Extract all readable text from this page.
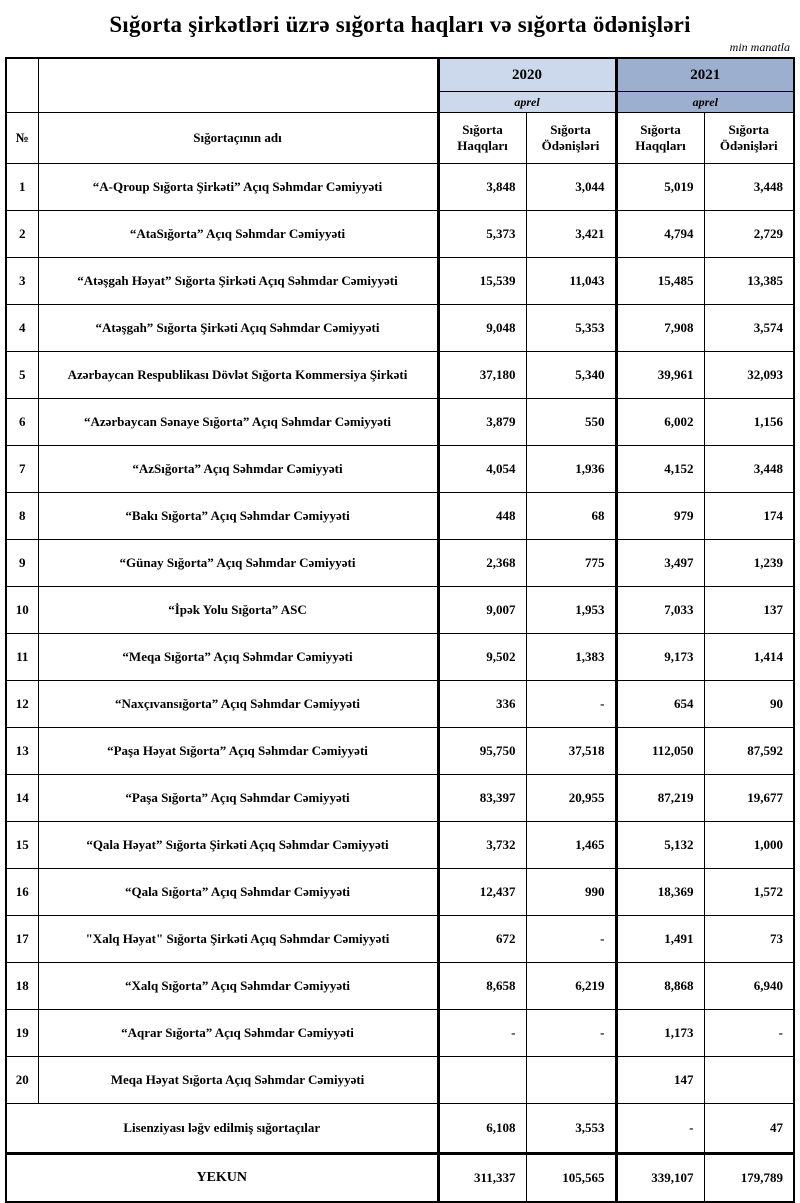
Sığorta şirkətləri üzrə sığorta haqları və sığorta ödənişləri
min manatla
		2020		2021	
		aprel		aprel	
№	Sığortaçının adı	Sığorta Haqqları	Sığorta Ödənişləri	Sığorta Haqqları	Sığorta Ödənişləri
1	“A-Qroup Sığorta Şirkəti” Açıq Səhmdar Cəmiyyəti	3,848	3,044	5,019	3,448
2	“AtaSığorta” Açıq Səhmdar Cəmiyyəti	5,373	3,421	4,794	2,729
3	“Atəşgah Həyat” Sığorta Şirkəti Açıq Səhmdar Cəmiyyəti	15,539	11,043	15,485	13,385
4	“Atəşgah” Sığorta Şirkəti Açıq Səhmdar Cəmiyyəti	9,048	5,353	7,908	3,574
5	Azərbaycan Respublikası Dövlət Sığorta Kommersiya Şirkəti	37,180	5,340	39,961	32,093
6	“Azərbaycan Sənaye Sığorta” Açıq Səhmdar Cəmiyyəti	3,879	550	6,002	1,156
7	“AzSığorta” Açıq Səhmdar Cəmiyyəti	4,054	1,936	4,152	3,448
8	“Bakı Sığorta” Açıq Səhmdar Cəmiyyəti	448	68	979	174
9	“Günay Sığorta” Açıq Səhmdar Cəmiyyəti	2,368	775	3,497	1,239
10	“İpək Yolu Sığorta” ASC	9,007	1,953	7,033	137
11	“Meqa Sığorta” Açıq Səhmdar Cəmiyyəti	9,502	1,383	9,173	1,414
12	“Naxçıvansığorta” Açıq Səhmdar Cəmiyyəti	336	-	654	90
13	“Paşa Həyat Sığorta” Açıq Səhmdar Cəmiyyəti	95,750	37,518	112,050	87,592
14	“Paşa Sığorta” Açıq Səhmdar Cəmiyyəti	83,397	20,955	87,219	19,677
15	“Qala Həyat” Sığorta Şirkəti Açıq Səhmdar Cəmiyyəti	3,732	1,465	5,132	1,000
16	“Qala Sığorta” Açıq Səhmdar Cəmiyyəti	12,437	990	18,369	1,572
17	"Xalq Həyat" Sığorta Şirkəti Açıq Səhmdar Cəmiyyəti	672	-	1,491	73
18	“Xalq Sığorta” Açıq Səhmdar Cəmiyyəti	8,658	6,219	8,868	6,940
19	“Aqrar Sığorta” Açıq Səhmdar Cəmiyyəti	-	-	1,173	-
20	Meqa Həyat Sığorta Açıq Səhmdar Cəmiyyəti			147	
Lisenziyası ləğv edilmiş sığortaçılar		6,108	3,553	-	47
YEKUN		311,337	105,565	339,107	179,789
